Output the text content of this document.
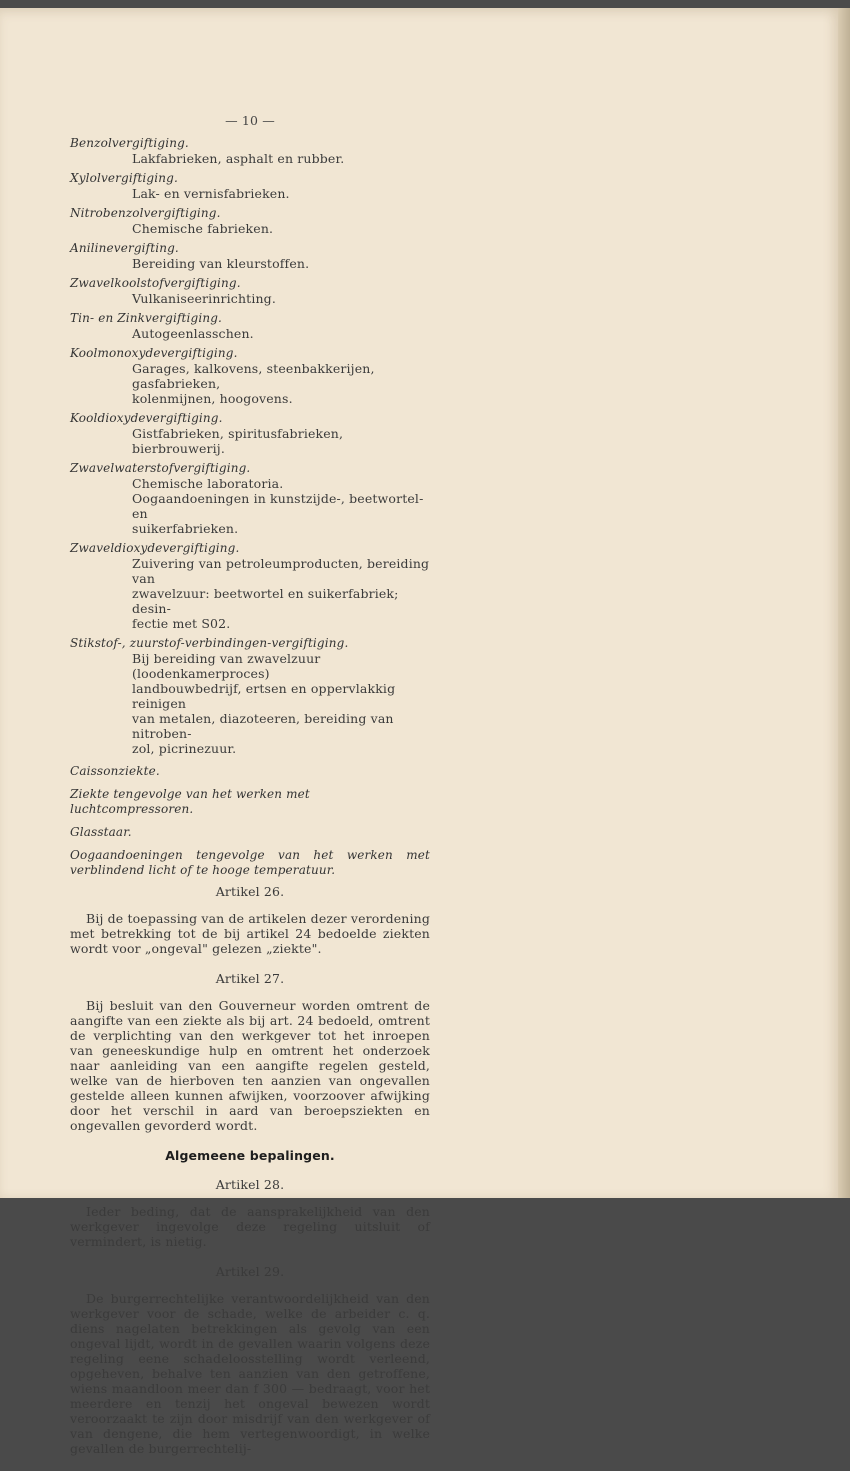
— 10 —
Benzolvergiftiging.
Lakfabrieken, asphalt en rubber.
Xylolvergiftiging.
Lak- en vernisfabrieken.
Nitrobenzolvergiftiging.
Chemische fabrieken.
Anilinevergifting.
Bereiding van kleurstoffen.
Zwavelkoolstofvergiftiging.
Vulkaniseerinrichting.
Tin- en Zinkvergiftiging.
Autogeenlasschen.
Koolmonoxydevergiftiging.
Garages, kalkovens, steenbakkerijen, gasfabrieken,
kolenmijnen, hoogovens.
Kooldioxydevergiftiging.
Gistfabrieken, spiritusfabrieken, bierbrouwerij.
Zwavelwaterstofvergiftiging.
Chemische laboratoria.
Oogaandoeningen in kunstzijde-, beetwortel- en
suikerfabrieken.
Zwaveldioxydevergiftiging.
Zuivering van petroleumproducten, bereiding van
zwavelzuur: beetwortel en suikerfabriek; desin-
fectie met S02.
Stikstof-, zuurstof-verbindingen-vergiftiging.
Bij bereiding van zwavelzuur (loodenkamerproces)
landbouwbedrijf, ertsen en oppervlakkig reinigen
van metalen, diazoteeren, bereiding van nitroben-
zol, picrinezuur.
Caissonziekte.
Ziekte tengevolge van het werken met luchtcompressoren.
Glasstaar.
Oogaandoeningen tengevolge van het werken met verblindend licht of te hooge temperatuur.
Artikel 26.
Bij de toepassing van de artikelen dezer verordening met betrekking tot de bij artikel 24 bedoelde ziekten wordt voor „ongeval" gelezen „ziekte".
Artikel 27.
Bij besluit van den Gouverneur worden omtrent de aangifte van een ziekte als bij art. 24 bedoeld, omtrent de verplichting van den werkgever tot het inroepen van geneeskundige hulp en omtrent het onderzoek naar aanleiding van een aangifte regelen gesteld, welke van de hierboven ten aanzien van ongevallen gestelde alleen kunnen afwijken, voorzoover afwijking door het verschil in aard van beroepsziekten en ongevallen gevorderd wordt.
Algemeene bepalingen.
Artikel 28.
Ieder beding, dat de aansprakelijkheid van den werkgever ingevolge deze regeling uitsluit of vermindert, is nietig.
Artikel 29.
De burgerrechtelijke verantwoordelijkheid van den werkgever voor de schade, welke de arbeider c. q. diens nagelaten betrekkingen als gevolg van een ongeval lijdt, wordt in de gevallen waarin volgens deze regeling eene schadeloosstelling wordt verleend, opgeheven, behalve ten aanzien van den getroffene, wiens maandloon meer dan f 300 — bedraagt, voor het meerdere en tenzij het ongeval bewezen wordt veroorzaakt te zijn door misdrijf van den werkgever of van dengene, die hem vertegenwoordigt, in welke gevallen de burgerrechtelij-
